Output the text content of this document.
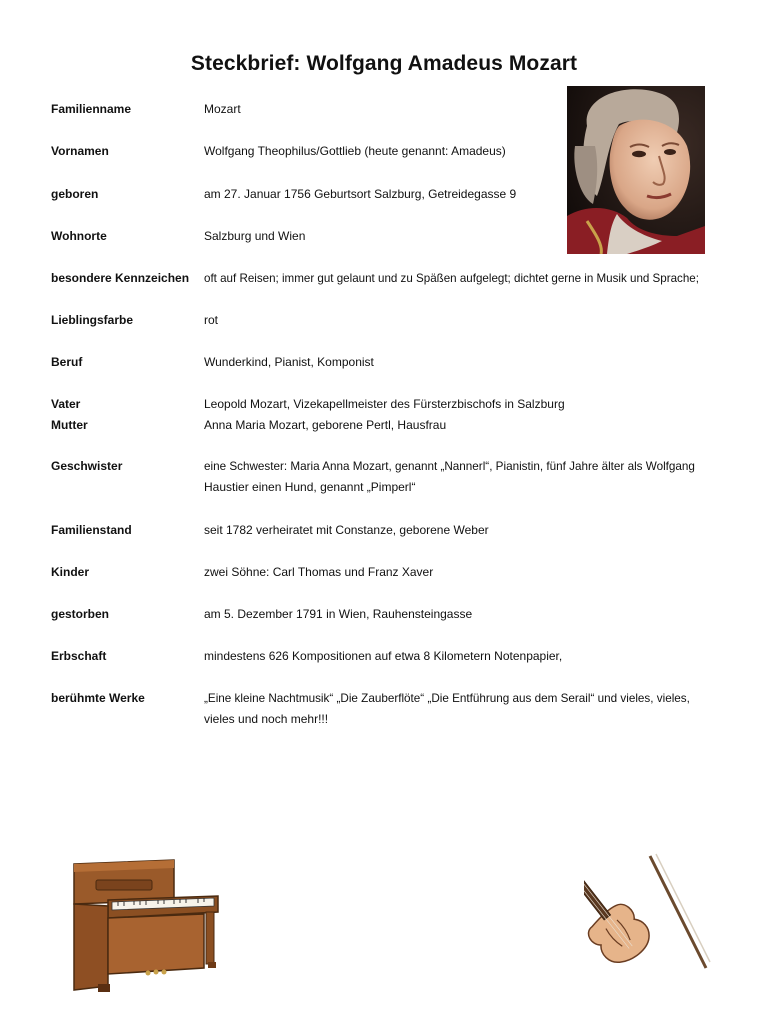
Steckbrief: Wolfgang Amadeus Mozart
Familienname	Mozart
Vornamen	Wolfgang Theophilus/Gottlieb (heute genannt: Amadeus)
geboren	am 27. Januar 1756 Geburtsort Salzburg, Getreidegasse 9
Wohnorte	Salzburg und Wien
besondere Kennzeichen	oft auf Reisen; immer gut gelaunt und zu Späßen aufgelegt; dichtet gerne in Musik und Sprache;
Lieblingsfarbe	rot
Beruf	Wunderkind, Pianist, Komponist
Vater	Leopold Mozart, Vizekapellmeister des Fürsterzbischofs in Salzburg
Mutter	Anna Maria Mozart, geborene Pertl, Hausfrau
Geschwister	eine Schwester: Maria Anna Mozart, genannt „Nannerl“, Pianistin, fünf Jahre älter als Wolfgang
Haustier einen Hund, genannt „Pimperl“
Familienstand	seit 1782 verheiratet mit Constanze, geborene Weber
Kinder	zwei Söhne: Carl Thomas und Franz Xaver
gestorben	am 5. Dezember 1791 in Wien, Rauhensteingasse
Erbschaft	mindestens 626 Kompositionen auf etwa 8 Kilometern Notenpapier,
berühmte Werke	„Eine kleine Nachtmusik“ „Die Zauberflöte“ „Die Entführung aus dem Serail“ und vieles, vieles,
vieles und noch mehr!!!
